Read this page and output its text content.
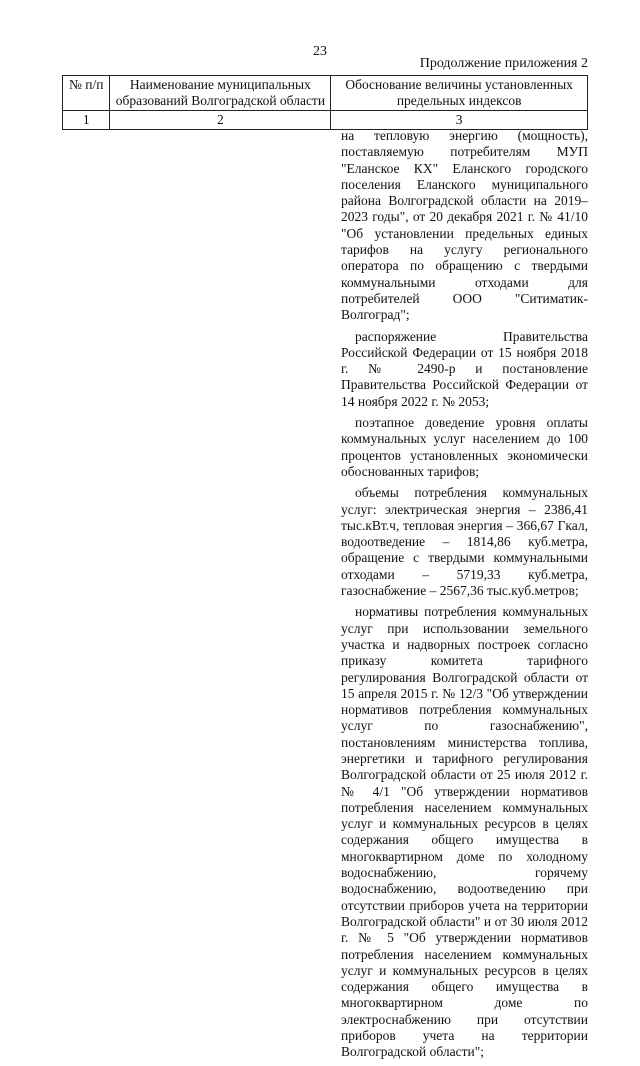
23
Продолжение приложения 2
№ п/п	Наименование муниципальных образований Волгоградской области	Обоснование величины установленных предельных индексов
1	2	3

на тепловую энергию (мощность), поставляемую потребителям МУП "Еланское КХ" Еланского городского поселения Еланского муниципального района Волгоградской области на 2019–2023 годы", от 20 декабря 2021 г. № 41/10 "Об установлении предельных единых тарифов на услугу регионального оператора по обращению с твердыми коммунальными отходами для потребителей ООО "Ситиматик-Волгоград";

распоряжение Правительства Российской Федерации от 15 ноября 2018 г. № 2490-р и постановление Правительства Российской Федерации от 14 ноября 2022 г. № 2053;

поэтапное доведение уровня оплаты коммунальных услуг населением до 100 процентов установленных экономически обоснованных тарифов;

объемы потребления коммунальных услуг: электрическая энергия – 2386,41 тыс.кВт.ч, тепловая энергия – 366,67 Гкал, водоотведение – 1814,86 куб.метра, обращение с твердыми коммунальными отходами – 5719,33 куб.метра, газоснабжение – 2567,36 тыс.куб.метров;

нормативы потребления коммунальных услуг при использовании земельного участка и надворных построек согласно приказу комитета тарифного регулирования Волгоградской области от 15 апреля 2015 г. № 12/3 "Об утверждении нормативов потребления коммунальных услуг по газоснабжению", постановлениям министерства топлива, энергетики и тарифного регулирования Волгоградской области от 25 июля 2012 г. № 4/1 "Об утверждении нормативов потребления населением коммунальных услуг и коммунальных ресурсов в целях содержания общего имущества в многоквартирном доме по холодному водоснабжению, горячему водоснабжению, водоотведению при отсутствии приборов учета на территории Волгоградской области" и от 30 июля 2012 г. № 5 "Об утверждении нормативов потребления населением коммунальных услуг и коммунальных ресурсов в целях содержания общего имущества в многоквартирном доме по электроснабжению при отсутствии приборов учета на территории Волгоградской области";
